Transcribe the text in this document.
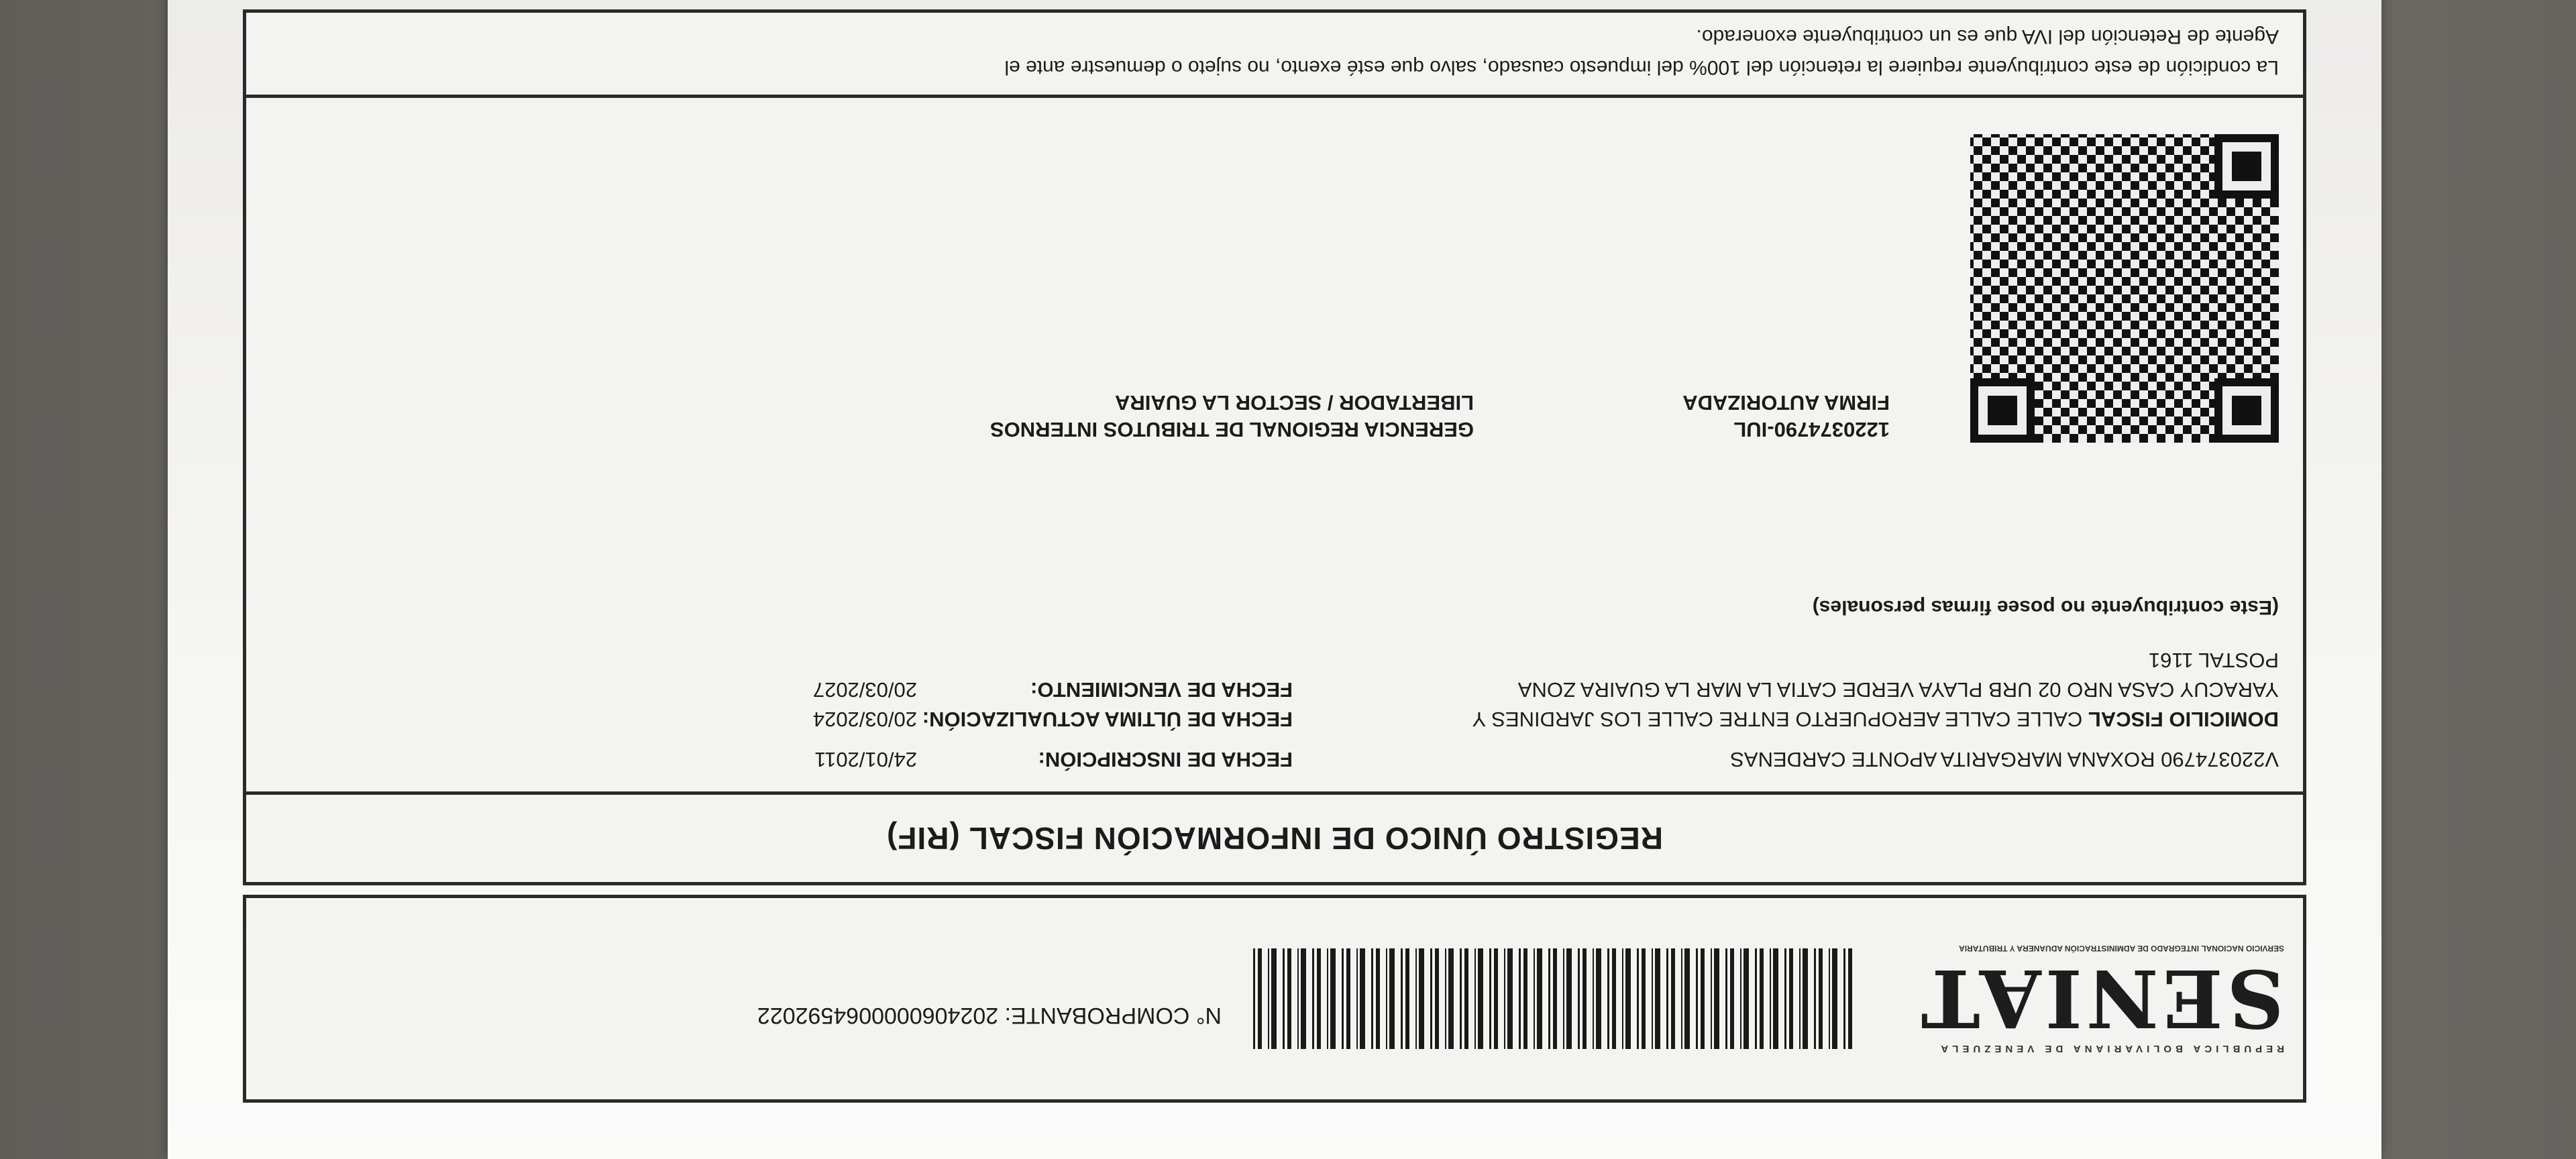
REPUBLICA BOLIVARIANA DE VENEZUELA
SENIAT
SERVICIO NACIONAL INTEGRADO DE ADMINISTRACIÓN ADUANERA Y TRIBUTARIA
N° COMPROBANTE: 2024060000064592022
REGISTRO ÚNICO DE INFORMACIÓN FISCAL (RIF)
V220374790 ROXANA MARGARITA APONTE CARDENAS
FECHA DE INSCRIPCIÓN:
24/01/2011
DOMICILIO FISCAL CALLE CALLE AEROPUERTO ENTRE CALLE LOS JARDINES Y
FECHA DE ÚLTIMA ACTUALIZACIÓN:
20/03/2024
YARACUY CASA NRO 02 URB PLAYA VERDE CATIA LA MAR LA GUAIRA ZONA
FECHA DE VENCIMIENTO:
20/03/2027
POSTAL 1161
(Este contribuyente no posee firmas personales)
1220374790-IUL
FIRMA AUTORIZADA
GERENCIA REGIONAL DE TRIBUTOS INTERNOS
LIBERTADOR / SECTOR LA GUAIRA
La condición de este contribuyente requiere la retención del 100% del impuesto causado, salvo que esté exento, no sujeto o demuestre ante el
Agente de Retención del IVA que es un contribuyente exonerado.
